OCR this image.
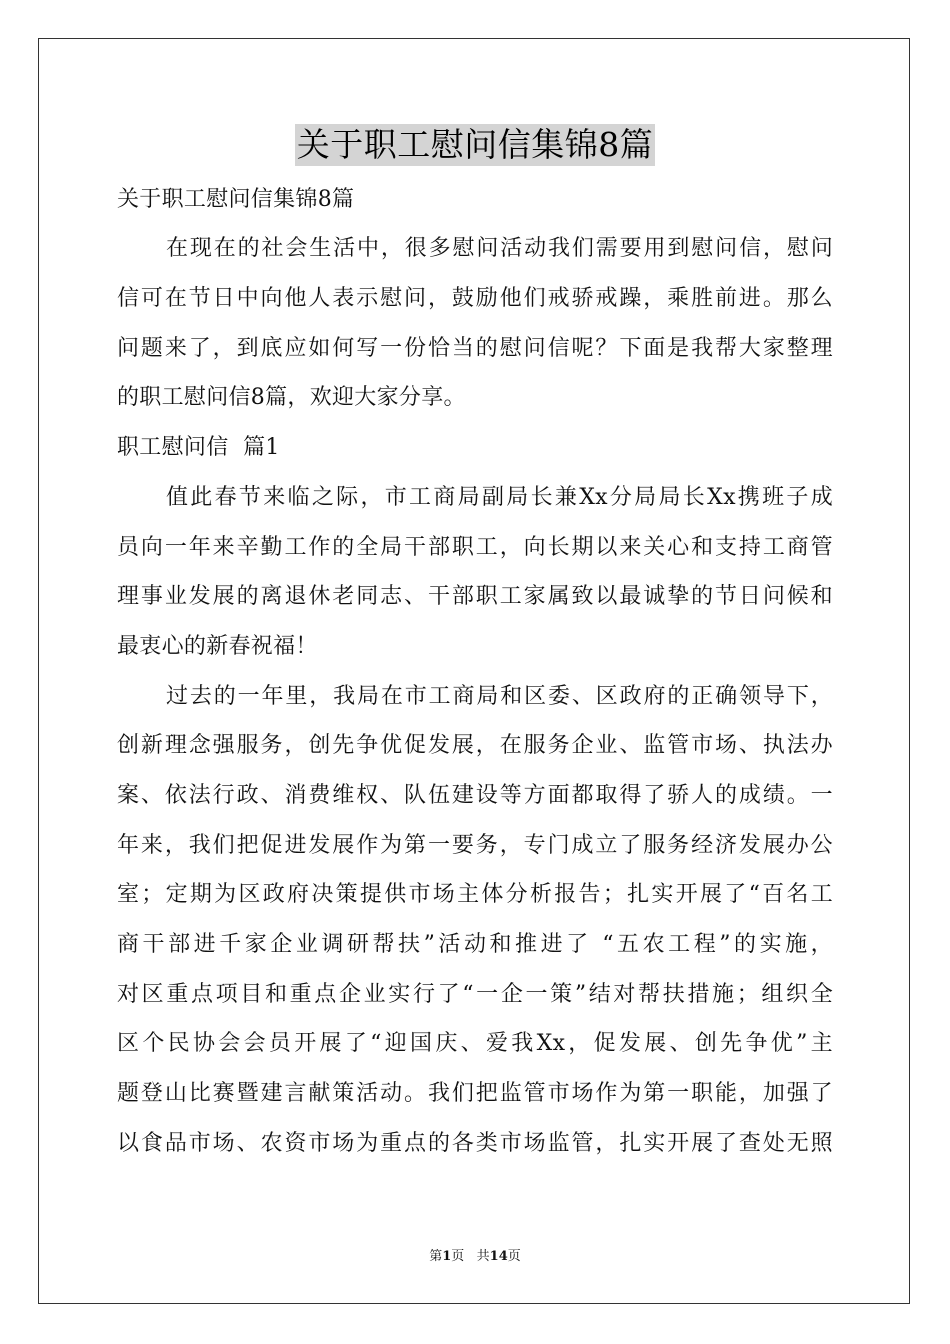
关于职工慰问信集锦8篇
关于职工慰问信集锦8篇
在现在的社会生活中，很多慰问活动我们需要用到慰问信，慰问
信可在节日中向他人表示慰问，鼓励他们戒骄戒躁，乘胜前进。那么
问题来了，到底应如何写一份恰当的慰问信呢？下面是我帮大家整理
的职工慰问信8篇，欢迎大家分享。
职工慰问信  篇1
值此春节来临之际，市工商局副局长兼Xx分局局长Xx携班子成
员向一年来辛勤工作的全局干部职工，向长期以来关心和支持工商管
理事业发展的离退休老同志、干部职工家属致以最诚挚的节日问候和
最衷心的新春祝福！
过去的一年里，我局在市工商局和区委、区政府的正确领导下，
创新理念强服务，创先争优促发展，在服务企业、监管市场、执法办
案、依法行政、消费维权、队伍建设等方面都取得了骄人的成绩。一
年来，我们把促进发展作为第一要务，专门成立了服务经济发展办公
室；定期为区政府决策提供市场主体分析报告；扎实开展了“百名工
商干部进千家企业调研帮扶”活动和推进了 “五农工程”的实施，
对区重点项目和重点企业实行了“一企一策”结对帮扶措施；组织全
区个民协会会员开展了“迎国庆、爱我Xx，促发展、创先争优”主
题登山比赛暨建言献策活动。我们把监管市场作为第一职能，加强了
以食品市场、农资市场为重点的各类市场监管，扎实开展了查处无照
第1页   共14页
